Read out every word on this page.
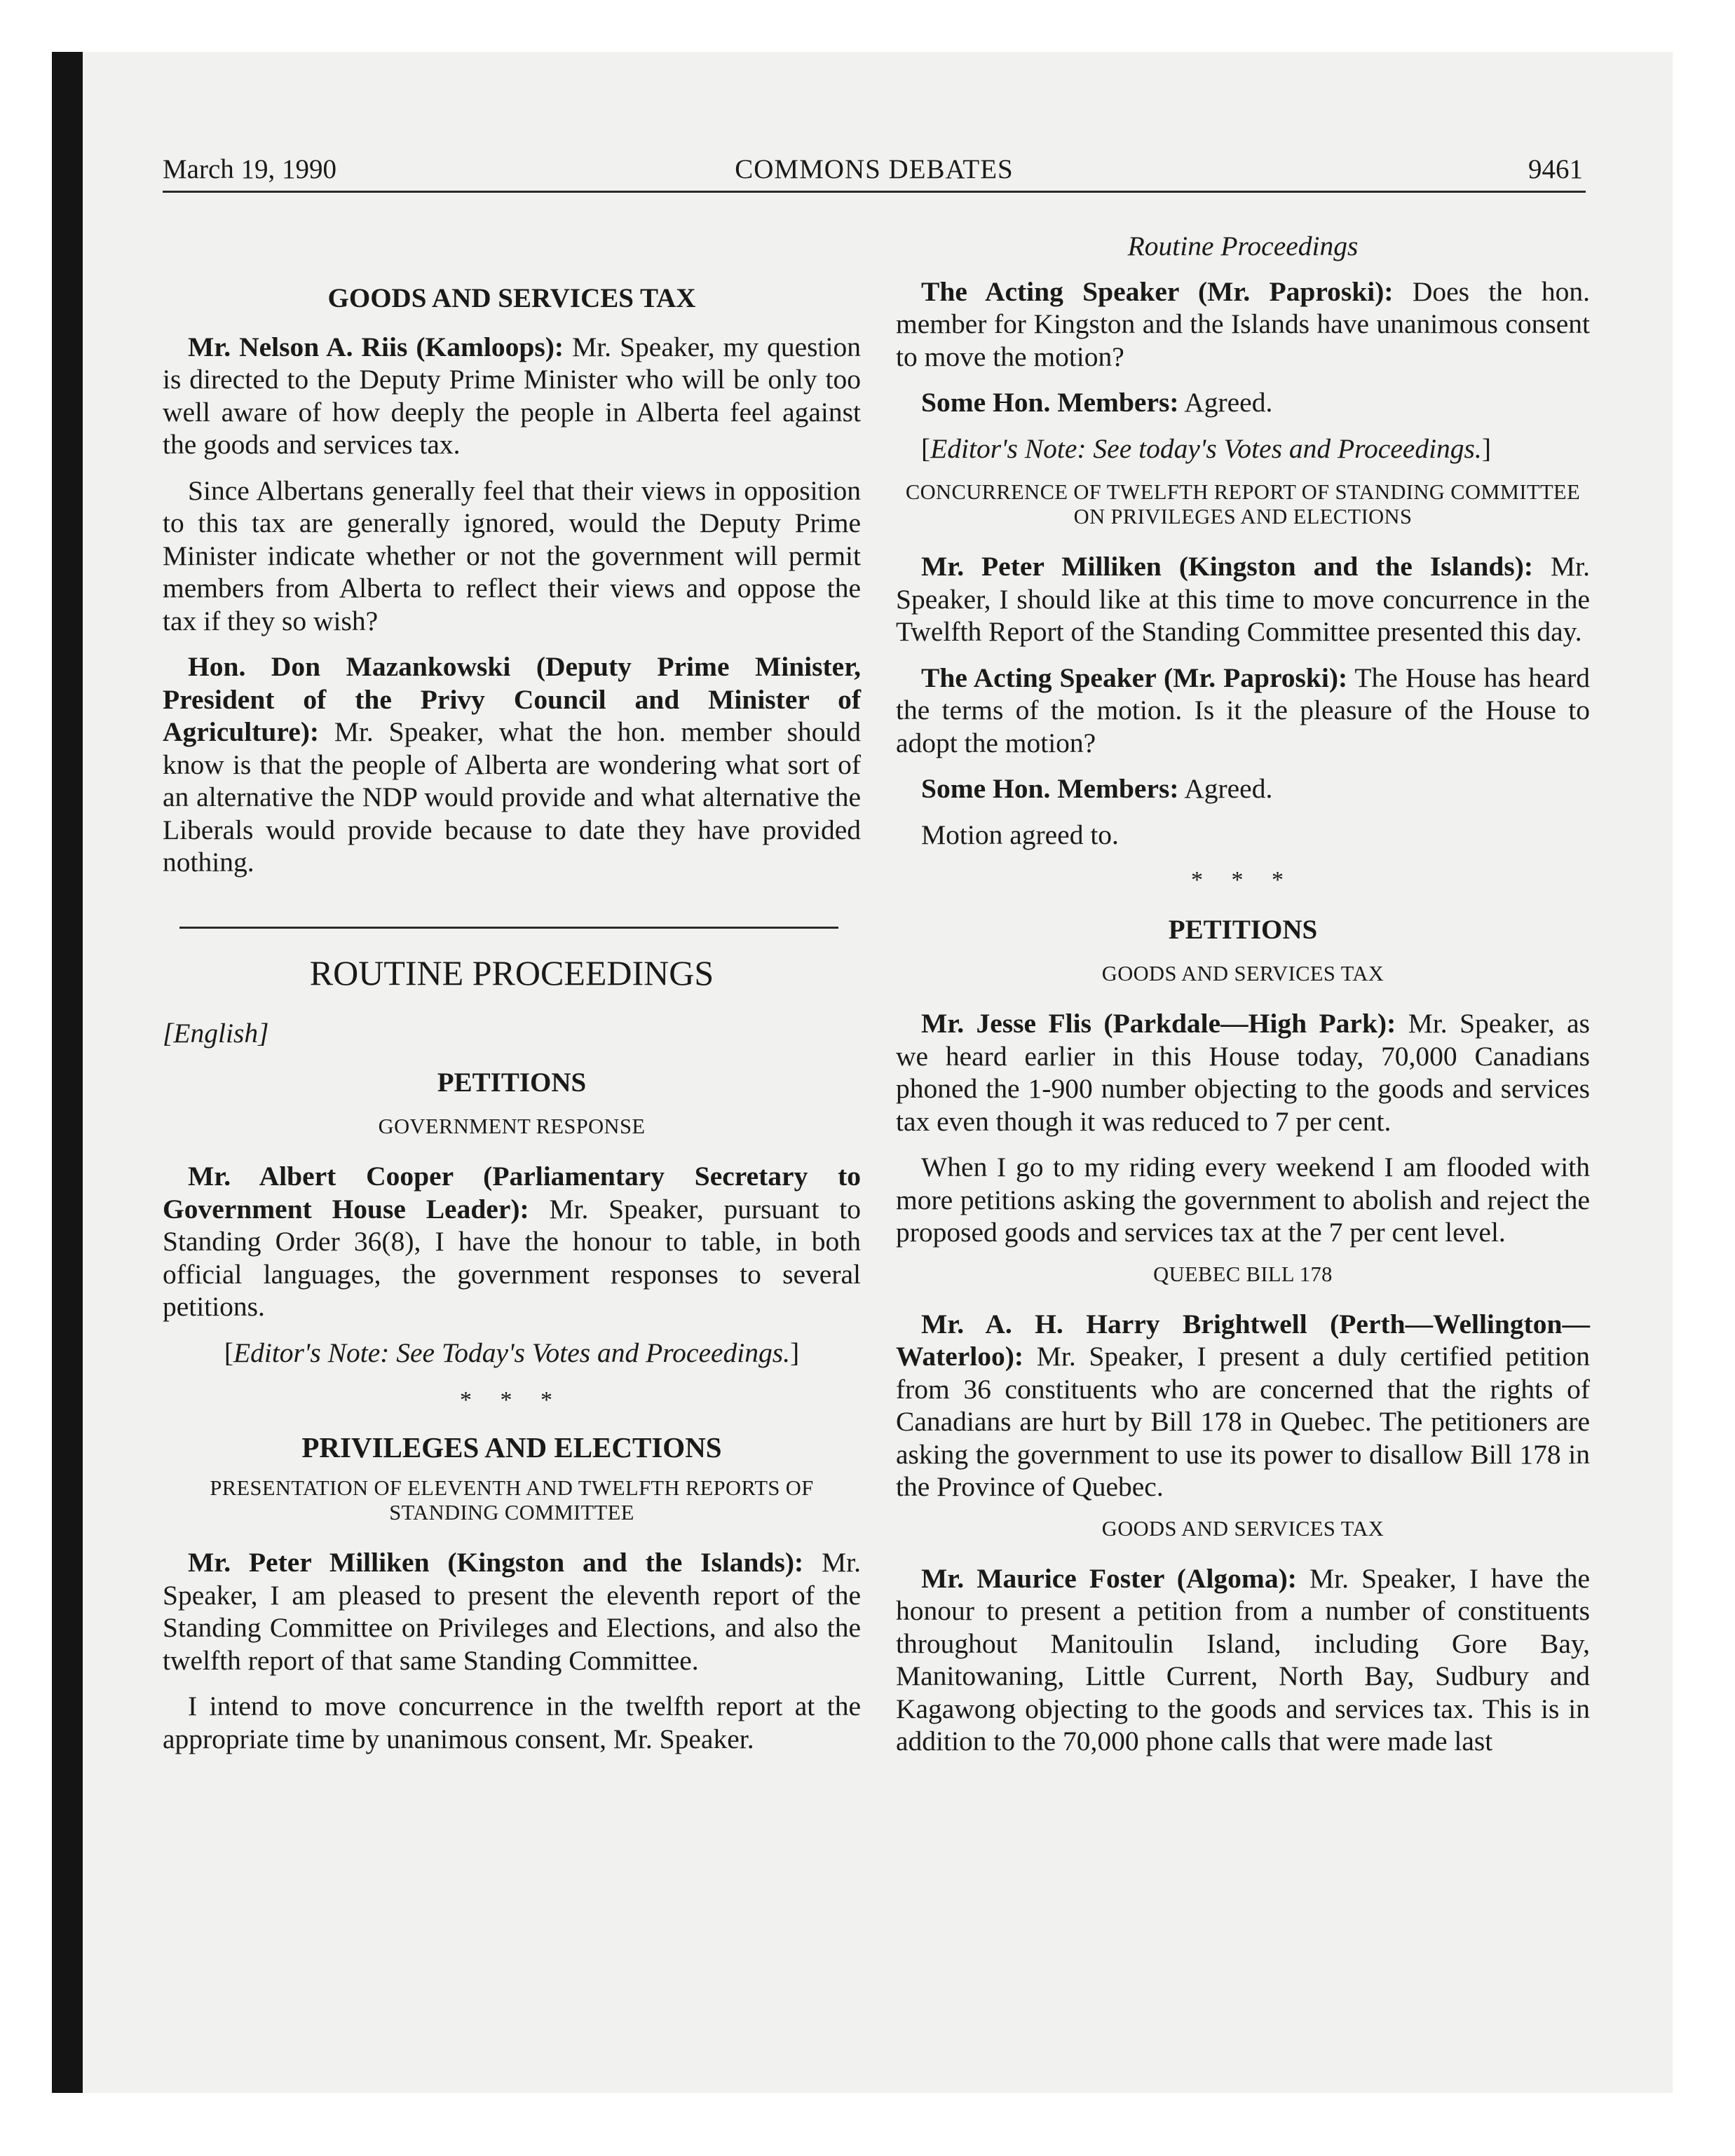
COMMONS DEBATES
March 19, 1990	9461
GOODS AND SERVICES TAX

Mr. Nelson A. Riis (Kamloops): Mr. Speaker, my question is directed to the Deputy Prime Minister who will be only too well aware of how deeply the people in Alberta feel against the goods and services tax.

Since Albertans generally feel that their views in opposition to this tax are generally ignored, would the Deputy Prime Minister indicate whether or not the government will permit members from Alberta to reflect their views and oppose the tax if they so wish?

Hon. Don Mazankowski (Deputy Prime Minister, President of the Privy Council and Minister of Agriculture): Mr. Speaker, what the hon. member should know is that the people of Alberta are wondering what sort of an alternative the NDP would provide and what alternative the Liberals would provide because to date they have provided nothing.

ROUTINE PROCEEDINGS
[English]
PETITIONS
GOVERNMENT RESPONSE

Mr. Albert Cooper (Parliamentary Secretary to Government House Leader): Mr. Speaker, pursuant to Standing Order 36(8), I have the honour to table, in both official languages, the government responses to several petitions.

[Editor's Note: See Today's Votes and Proceedings.]
* * *
PRIVILEGES AND ELECTIONS
PRESENTATION OF ELEVENTH AND TWELFTH REPORTS OF STANDING COMMITTEE

Mr. Peter Milliken (Kingston and the Islands): Mr. Speaker, I am pleased to present the eleventh report of the Standing Committee on Privileges and Elections, and also the twelfth report of that same Standing Committee.

I intend to move concurrence in the twelfth report at the appropriate time by unanimous consent, Mr. Speaker.

Routine Proceedings

The Acting Speaker (Mr. Paproski): Does the hon. member for Kingston and the Islands have unanimous consent to move the motion?

Some Hon. Members: Agreed.

[Editor's Note: See today's Votes and Proceedings.]
CONCURRENCE OF TWELFTH REPORT OF STANDING COMMITTEE ON PRIVILEGES AND ELECTIONS

Mr. Peter Milliken (Kingston and the Islands): Mr. Speaker, I should like at this time to move concurrence in the Twelfth Report of the Standing Committee presented this day.

The Acting Speaker (Mr. Paproski): The House has heard the terms of the motion. Is it the pleasure of the House to adopt the motion?

Some Hon. Members: Agreed.

Motion agreed to.

* * *
PETITIONS
GOODS AND SERVICES TAX

Mr. Jesse Flis (Parkdale—High Park): Mr. Speaker, as we heard earlier in this House today, 70,000 Canadians phoned the 1-900 number objecting to the goods and services tax even though it was reduced to 7 per cent.

When I go to my riding every weekend I am flooded with more petitions asking the government to abolish and reject the proposed goods and services tax at the 7 per cent level.

QUEBEC BILL 178

Mr. A. H. Harry Brightwell (Perth—Wellington—Waterloo): Mr. Speaker, I present a duly certified petition from 36 constituents who are concerned that the rights of Canadians are hurt by Bill 178 in Quebec. The petitioners are asking the government to use its power to disallow Bill 178 in the Province of Quebec.

GOODS AND SERVICES TAX

Mr. Maurice Foster (Algoma): Mr. Speaker, I have the honour to present a petition from a number of constituents throughout Manitoulin Island, including Gore Bay, Manitowaning, Little Current, North Bay, Sudbury and Kagawong objecting to the goods and services tax. This is in addition to the 70,000 phone calls that were made last
